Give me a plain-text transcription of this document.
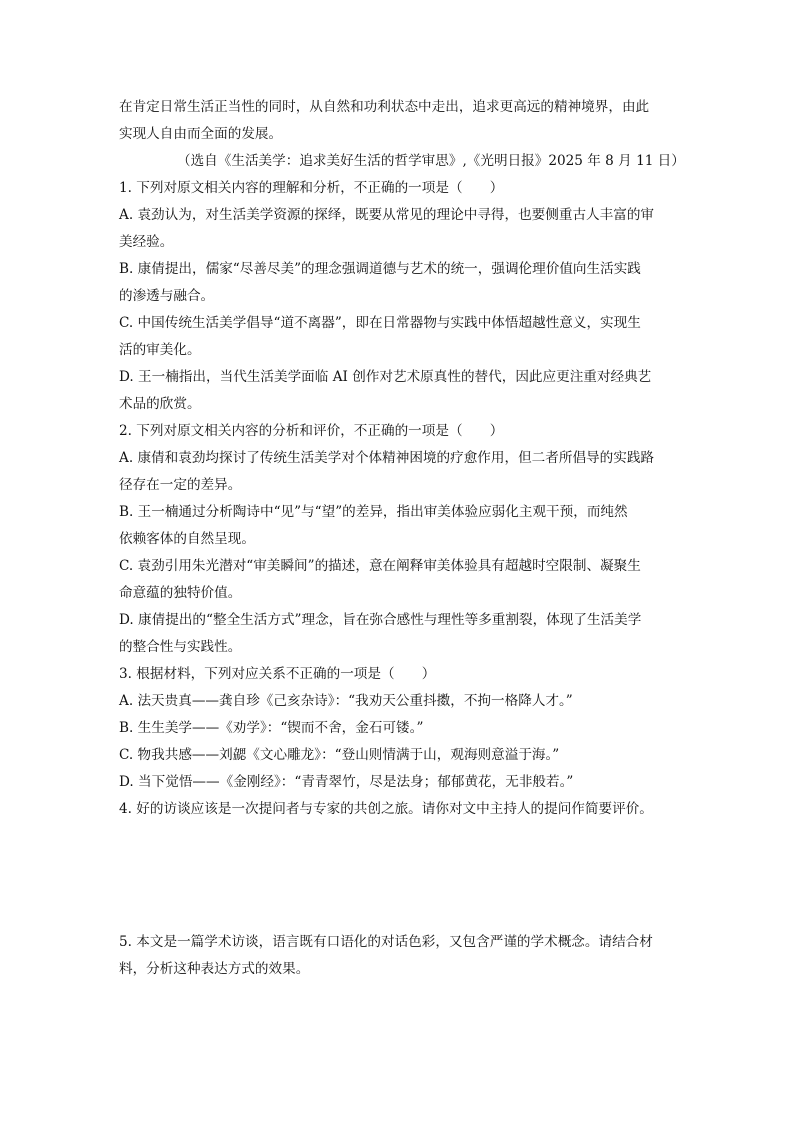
在肯定日常生活正当性的同时，从自然和功利状态中走出，追求更高远的精神境界，由此
实现人自由而全面的发展。
（选自《生活美学：追求美好生活的哲学审思》,《光明日报》2025 年 8 月 11 日）
1. 下列对原文相关内容的理解和分析，不正确的一项是（　　）
A. 袁劲认为，对生活美学资源的探绎，既要从常见的理论中寻得，也要侧重古人丰富的审
美经验。
B. 康倩提出，儒家“尽善尽美”的理念强调道德与艺术的统一，强调伦理价值向生活实践
的渗透与融合。
C. 中国传统生活美学倡导“道不离器”，即在日常器物与实践中体悟超越性意义，实现生
活的审美化。
D. 王一楠指出，当代生活美学面临 AI 创作对艺术原真性的替代，因此应更注重对经典艺
术品的欣赏。
2. 下列对原文相关内容的分析和评价，不正确的一项是（　　）
A. 康倩和袁劲均探讨了传统生活美学对个体精神困境的疗愈作用，但二者所倡导的实践路
径存在一定的差异。
B. 王一楠通过分析陶诗中“见”与“望”的差异，指出审美体验应弱化主观干预，而纯然
依赖客体的自然呈现。
C. 袁劲引用朱光潜对“审美瞬间”的描述，意在阐释审美体验具有超越时空限制、凝聚生
命意蕴的独特价值。
D. 康倩提出的“整全生活方式”理念，旨在弥合感性与理性等多重割裂，体现了生活美学
的整合性与实践性。
3. 根据材料，下列对应关系不正确的一项是（　　）
A. 法天贵真——龚自珍《己亥杂诗》：“我劝天公重抖擞，不拘一格降人才。”
B. 生生美学——《劝学》：“锲而不舍，金石可镂。”
C. 物我共感——刘勰《文心雕龙》：“登山则情满于山，观海则意溢于海。”
D. 当下觉悟——《金刚经》：“青青翠竹，尽是法身；郁郁黄花，无非般若。”
4. 好的访谈应该是一次提问者与专家的共创之旅。请你对文中主持人的提问作简要评价。
5. 本文是一篇学术访谈，语言既有口语化的对话色彩，又包含严谨的学术概念。请结合材
料，分析这种表达方式的效果。
